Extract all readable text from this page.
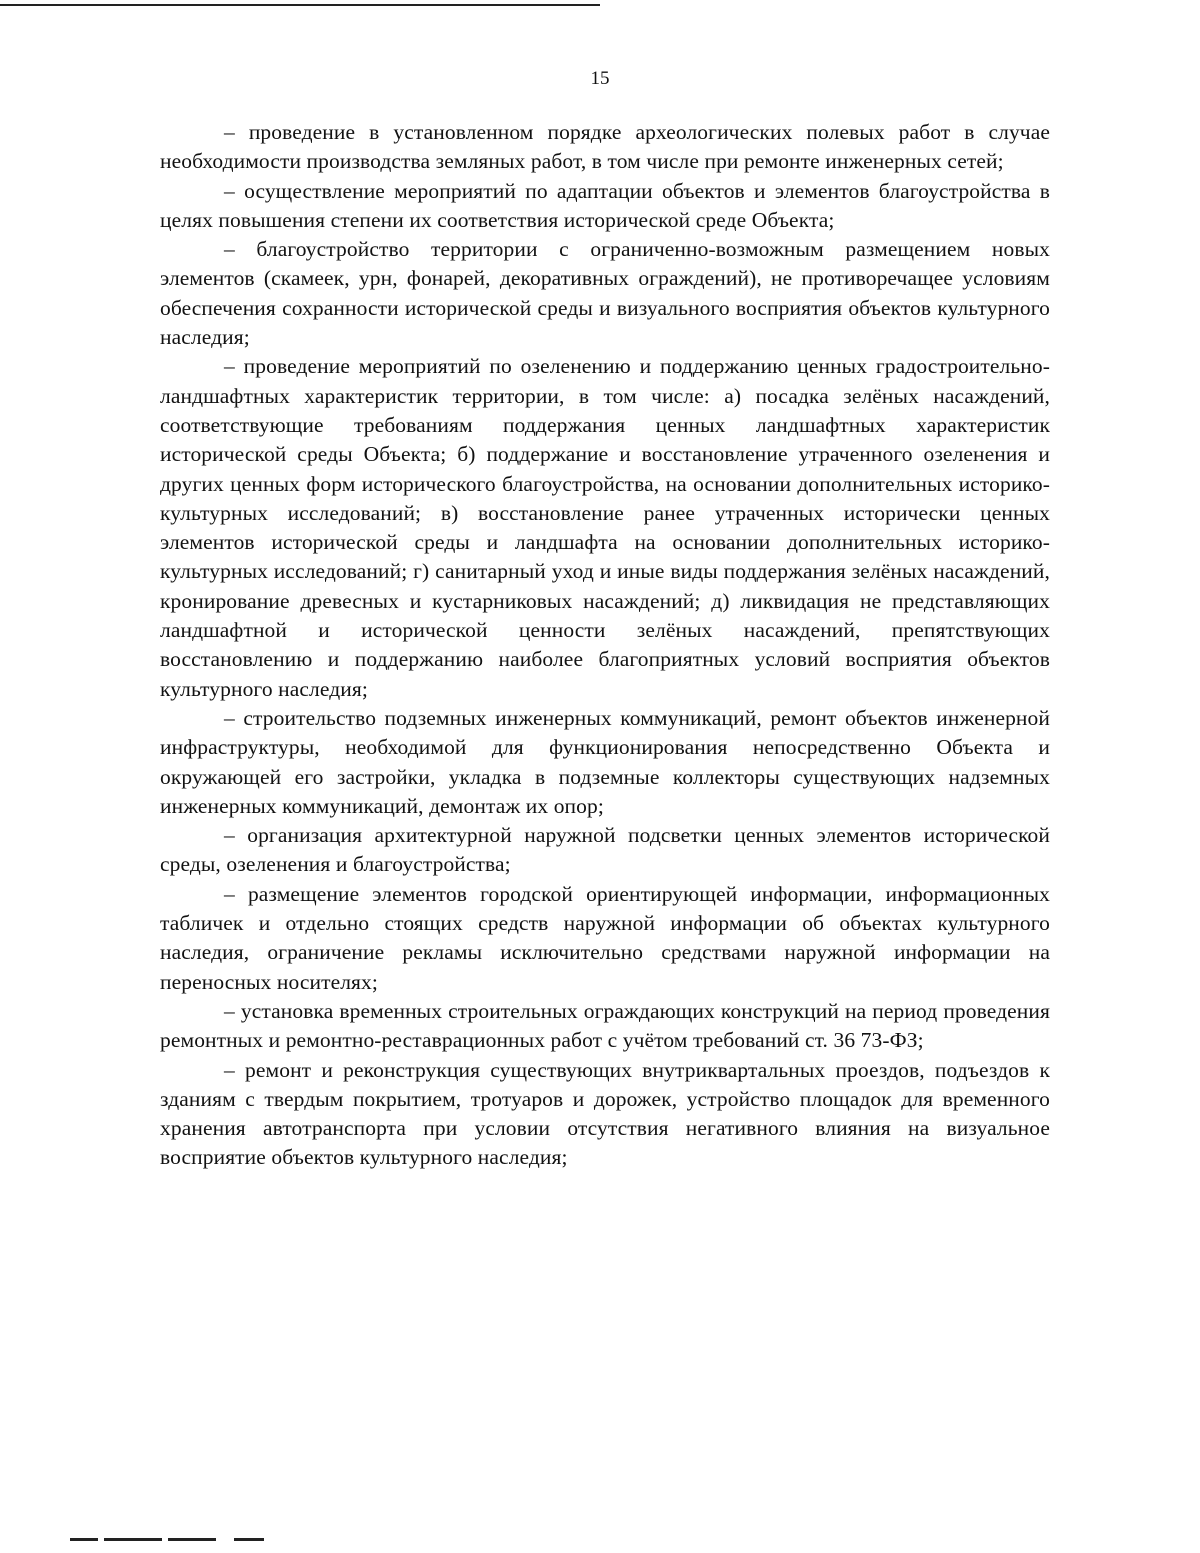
15

– проведение в установленном порядке археологических полевых работ в случае необходимости производства земляных работ, в том числе при ремонте инженерных сетей;

– осуществление мероприятий по адаптации объектов и элементов благоустройства в целях повышения степени их соответствия исторической среде Объекта;

– благоустройство территории с ограниченно-возможным размещением новых элементов (скамеек, урн, фонарей, декоративных ограждений), не противоречащее условиям обеспечения сохранности исторической среды и визуального восприятия объектов культурного наследия;

– проведение мероприятий по озеленению и поддержанию ценных градостроительно-ландшафтных характеристик территории, в том числе: а) посадка зелёных насаждений, соответствующие требованиям поддержания ценных ландшафтных характеристик исторической среды Объекта; б) поддержание и восстановление утраченного озеленения и других ценных форм исторического благоустройства, на основании дополнительных историко-культурных исследований; в) восстановление ранее утраченных исторически ценных элементов исторической среды и ландшафта на основании дополнительных историко-культурных исследований; г) санитарный уход и иные виды поддержания зелёных насаждений, кронирование древесных и кустарниковых насаждений; д) ликвидация не представляющих ландшафтной и исторической ценности зелёных насаждений, препятствующих восстановлению и поддержанию наиболее благоприятных условий восприятия объектов культурного наследия;

– строительство подземных инженерных коммуникаций, ремонт объектов инженерной инфраструктуры, необходимой для функционирования непосредственно Объекта и окружающей его застройки, укладка в подземные коллекторы существующих надземных инженерных коммуникаций, демонтаж их опор;

– организация архитектурной наружной подсветки ценных элементов исторической среды, озеленения и благоустройства;

– размещение элементов городской ориентирующей информации, информационных табличек и отдельно стоящих средств наружной информации об объектах культурного наследия, ограничение рекламы исключительно средствами наружной информации на переносных носителях;

– установка временных строительных ограждающих конструкций на период проведения ремонтных и ремонтно-реставрационных работ с учётом требований ст. 36 73-ФЗ;

– ремонт и реконструкция существующих внутриквартальных проездов, подъездов к зданиям с твердым покрытием, тротуаров и дорожек, устройство площадок для временного хранения автотранспорта при условии отсутствия негативного влияния на визуальное восприятие объектов культурного наследия;
